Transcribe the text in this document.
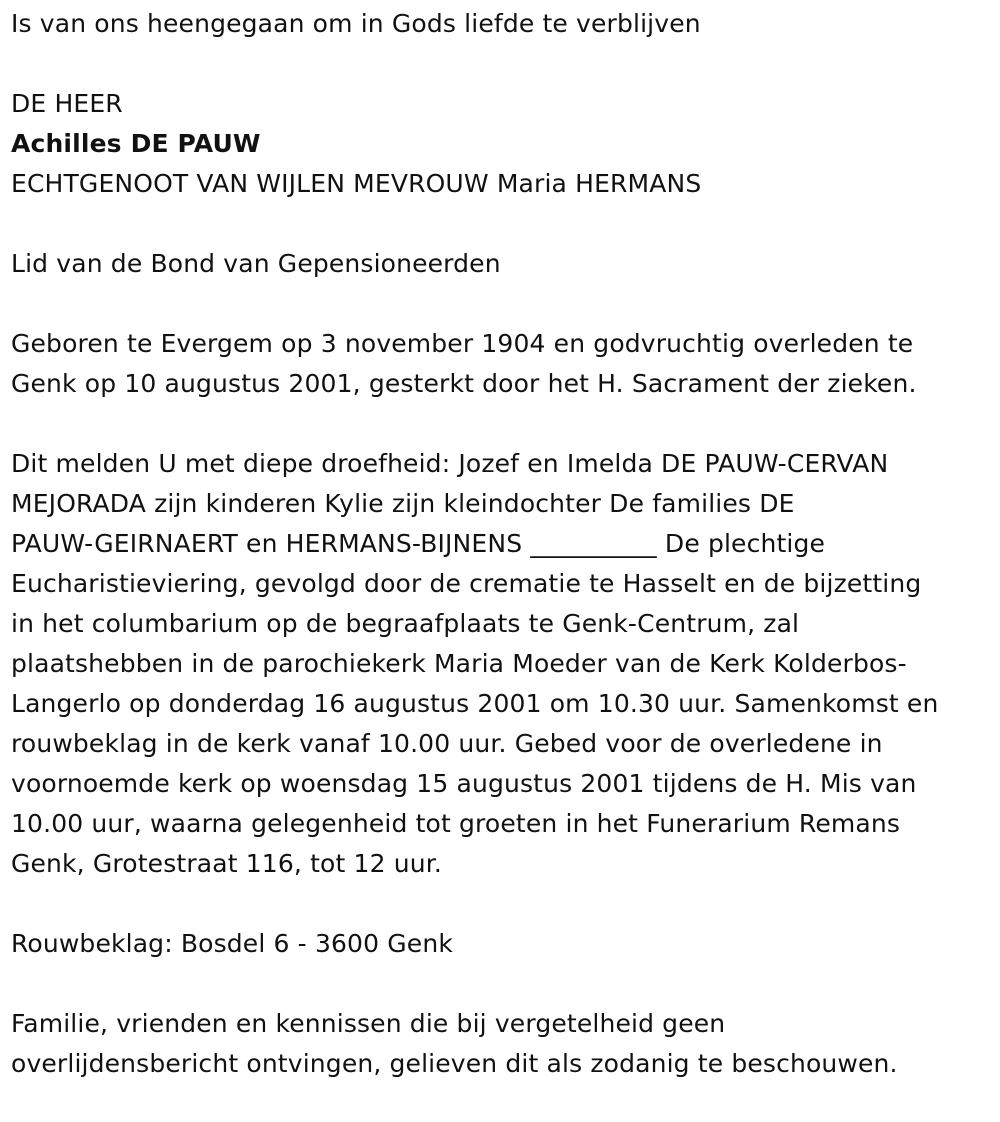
Is van ons heengegaan om in Gods liefde te verblijven

DE HEER

Achilles DE PAUW

ECHTGENOOT VAN WIJLEN MEVROUW Maria HERMANS

Lid van de Bond van Gepensioneerden

Geboren te Evergem op 3 november 1904 en godvruchtig overleden te

Genk op 10 augustus 2001, gesterkt door het H. Sacrament der zieken.

Dit melden U met diepe droefheid: Jozef en Imelda DE PAUW-CERVAN

MEJORADA zijn kinderen Kylie zijn kleindochter De families DE

PAUW-GEIRNAERT en HERMANS-BIJNENS __________ De plechtige

Eucharistieviering, gevolgd door de crematie te Hasselt en de bijzetting

in het columbarium op de begraafplaats te Genk-Centrum, zal

plaatshebben in de parochiekerk Maria Moeder van de Kerk Kolderbos-

Langerlo op donderdag 16 augustus 2001 om 10.30 uur. Samenkomst en

rouwbeklag in de kerk vanaf 10.00 uur. Gebed voor de overledene in

voornoemde kerk op woensdag 15 augustus 2001 tijdens de H. Mis van

10.00 uur, waarna gelegenheid tot groeten in het Funerarium Remans

Genk, Grotestraat 116, tot 12 uur.

Rouwbeklag: Bosdel 6 - 3600 Genk

Familie, vrienden en kennissen die bij vergetelheid geen

overlijdensbericht ontvingen, gelieven dit als zodanig te beschouwen.
